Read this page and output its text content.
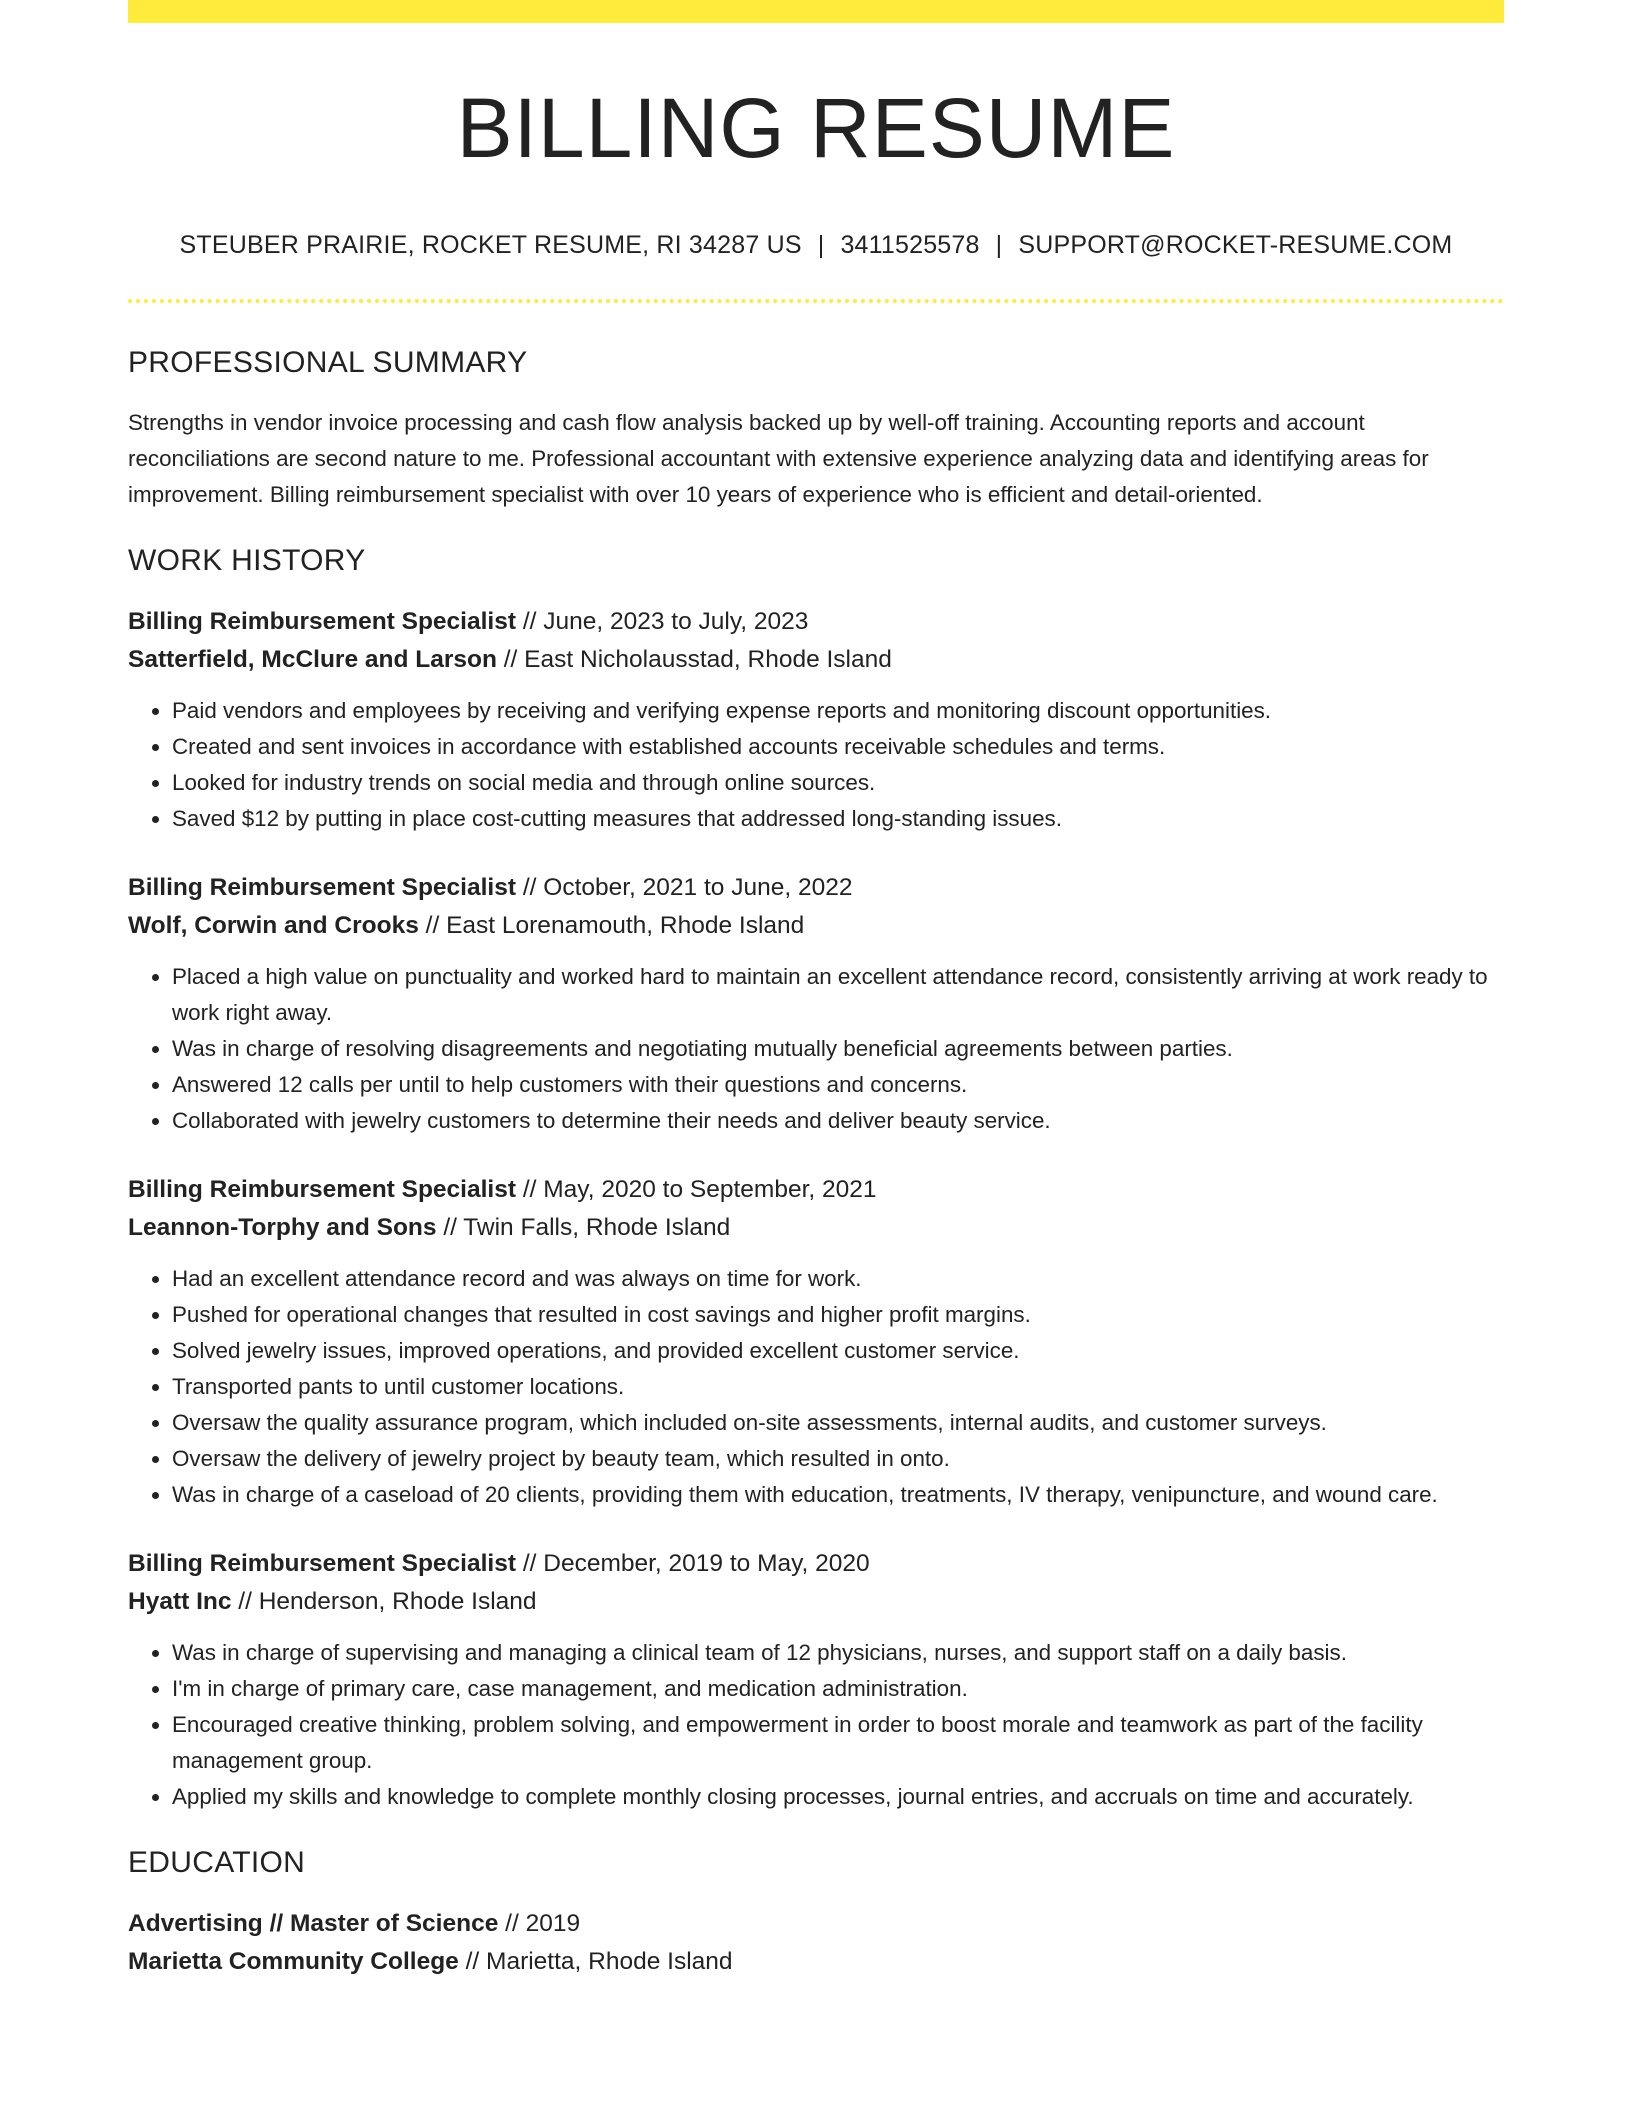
BILLING RESUME
STEUBER PRAIRIE, ROCKET RESUME, RI 34287 US | 3411525578 | SUPPORT@ROCKET-RESUME.COM
PROFESSIONAL SUMMARY

Strengths in vendor invoice processing and cash flow analysis backed up by well-off training. Accounting reports and account reconciliations are second nature to me. Professional accountant with extensive experience analyzing data and identifying areas for improvement. Billing reimbursement specialist with over 10 years of experience who is efficient and detail-oriented.

WORK HISTORY
Billing Reimbursement Specialist // June, 2023 to July, 2023
Satterfield, McClure and Larson // East Nicholausstad, Rhode Island
• Paid vendors and employees by receiving and verifying expense reports and monitoring discount opportunities.
• Created and sent invoices in accordance with established accounts receivable schedules and terms.
• Looked for industry trends on social media and through online sources.
• Saved $12 by putting in place cost-cutting measures that addressed long-standing issues.
Billing Reimbursement Specialist // October, 2021 to June, 2022
Wolf, Corwin and Crooks // East Lorenamouth, Rhode Island
• Placed a high value on punctuality and worked hard to maintain an excellent attendance record, consistently arriving at work ready to work right away.
• Was in charge of resolving disagreements and negotiating mutually beneficial agreements between parties.
• Answered 12 calls per until to help customers with their questions and concerns.
• Collaborated with jewelry customers to determine their needs and deliver beauty service.
Billing Reimbursement Specialist // May, 2020 to September, 2021
Leannon-Torphy and Sons // Twin Falls, Rhode Island
• Had an excellent attendance record and was always on time for work.
• Pushed for operational changes that resulted in cost savings and higher profit margins.
• Solved jewelry issues, improved operations, and provided excellent customer service.
• Transported pants to until customer locations.
• Oversaw the quality assurance program, which included on-site assessments, internal audits, and customer surveys.
• Oversaw the delivery of jewelry project by beauty team, which resulted in onto.
• Was in charge of a caseload of 20 clients, providing them with education, treatments, IV therapy, venipuncture, and wound care.
Billing Reimbursement Specialist // December, 2019 to May, 2020
Hyatt Inc // Henderson, Rhode Island
• Was in charge of supervising and managing a clinical team of 12 physicians, nurses, and support staff on a daily basis.
• I'm in charge of primary care, case management, and medication administration.
• Encouraged creative thinking, problem solving, and empowerment in order to boost morale and teamwork as part of the facility management group.
• Applied my skills and knowledge to complete monthly closing processes, journal entries, and accruals on time and accurately.
EDUCATION
Advertising // Master of Science // 2019
Marietta Community College // Marietta, Rhode Island
